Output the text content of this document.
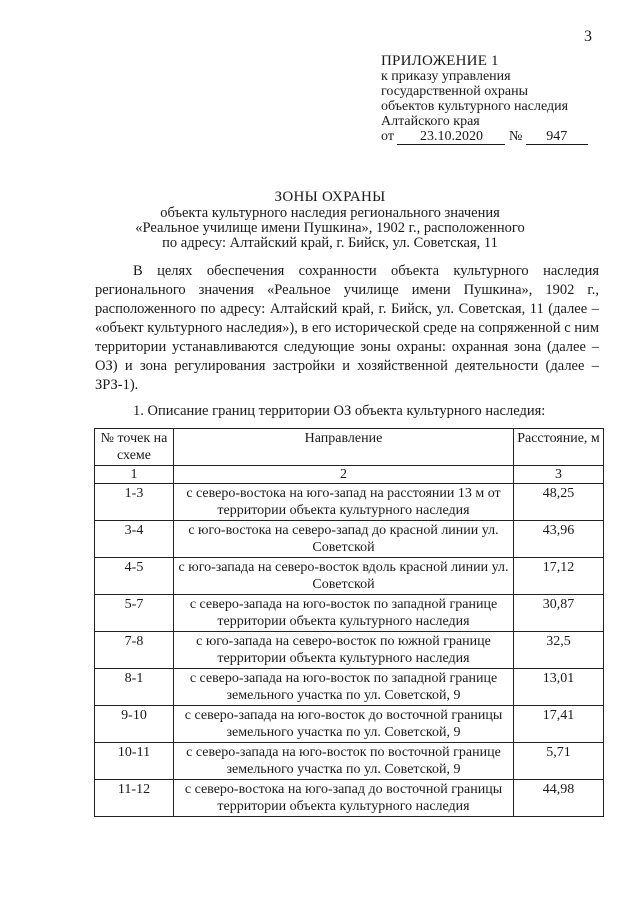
3
ПРИЛОЖЕНИЕ 1
к приказу управления
государственной охраны
объектов культурного наследия
Алтайского края
от 23.10.2020 № 947
ЗОНЫ ОХРАНЫ
объекта культурного наследия регионального значения
«Реальное училище имени Пушкина», 1902 г., расположенного
по адресу: Алтайский край, г. Бийск, ул. Советская, 11

В целях обеспечения сохранности объекта культурного наследия регионального значения «Реальное училище имени Пушкина», 1902 г., расположенного по адресу: Алтайский край, г. Бийск, ул. Советская, 11 (далее – «объект культурного наследия»), в его исторической среде на сопряженной с ним территории устанавливаются следующие зоны охраны: охранная зона (далее – ОЗ) и зона регулирования застройки и хозяйственной деятельности (далее – ЗРЗ-1).

1. Описание границ территории ОЗ объекта культурного наследия:
№ точек на схеме	Направление	Расстояние, м
1	2	3
1-3	с северо-востока на юго-запад на расстоянии 13 м от территории объекта культурного наследия	48,25
3-4	с юго-востока на северо-запад до красной линии ул. Советской	43,96
4-5	с юго-запада на северо-восток вдоль красной линии ул. Советской	17,12
5-7	с северо-запада на юго-восток по западной границе территории объекта культурного наследия	30,87
7-8	с юго-запада на северо-восток по южной границе территории объекта культурного наследия	32,5
8-1	с северо-запада на юго-восток по западной границе земельного участка по ул. Советской, 9	13,01
9-10	с северо-запада на юго-восток до восточной границы земельного участка по ул. Советской, 9	17,41
10-11	с северо-запада на юго-восток по восточной границе земельного участка по ул. Советской, 9	5,71
11-12	с северо-востока на юго-запад до восточной границы территории объекта культурного наследия	44,98
